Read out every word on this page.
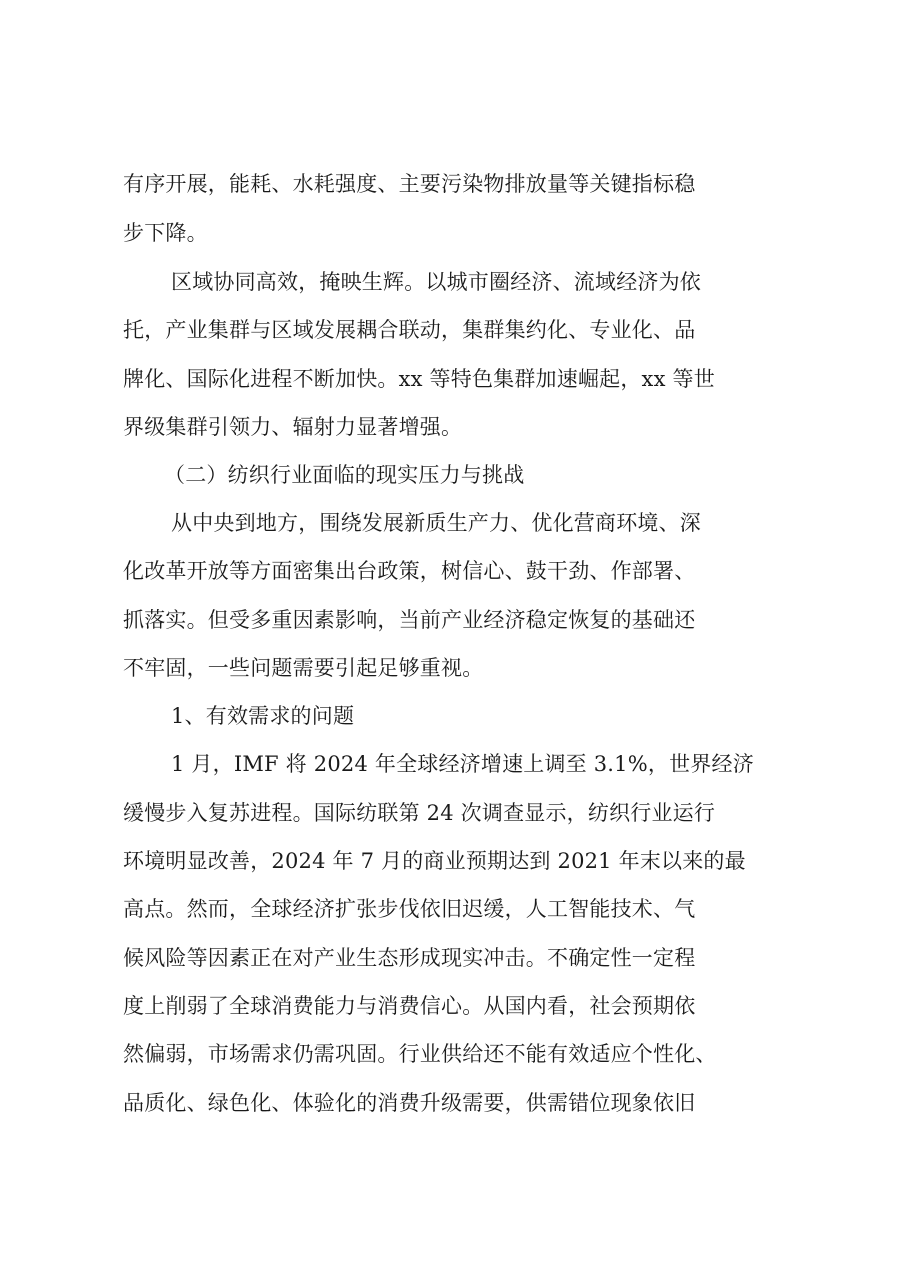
有序开展，能耗、水耗强度、主要污染物排放量等关键指标稳
步下降。
区域协同高效，掩映生辉。以城市圈经济、流域经济为依
托，产业集群与区域发展耦合联动，集群集约化、专业化、品
牌化、国际化进程不断加快。xx 等特色集群加速崛起，xx 等世
界级集群引领力、辐射力显著增强。
（二）纺织行业面临的现实压力与挑战
从中央到地方，围绕发展新质生产力、优化营商环境、深
化改革开放等方面密集出台政策，树信心、鼓干劲、作部署、
抓落实。但受多重因素影响，当前产业经济稳定恢复的基础还
不牢固，一些问题需要引起足够重视。
1、有效需求的问题
1 月，IMF 将 2024 年全球经济增速上调至 3.1%，世界经济
缓慢步入复苏进程。国际纺联第 24 次调查显示，纺织行业运行
环境明显改善，2024 年 7 月的商业预期达到 2021 年末以来的最
高点。然而，全球经济扩张步伐依旧迟缓，人工智能技术、气
候风险等因素正在对产业生态形成现实冲击。不确定性一定程
度上削弱了全球消费能力与消费信心。从国内看，社会预期依
然偏弱，市场需求仍需巩固。行业供给还不能有效适应个性化、
品质化、绿色化、体验化的消费升级需要，供需错位现象依旧
